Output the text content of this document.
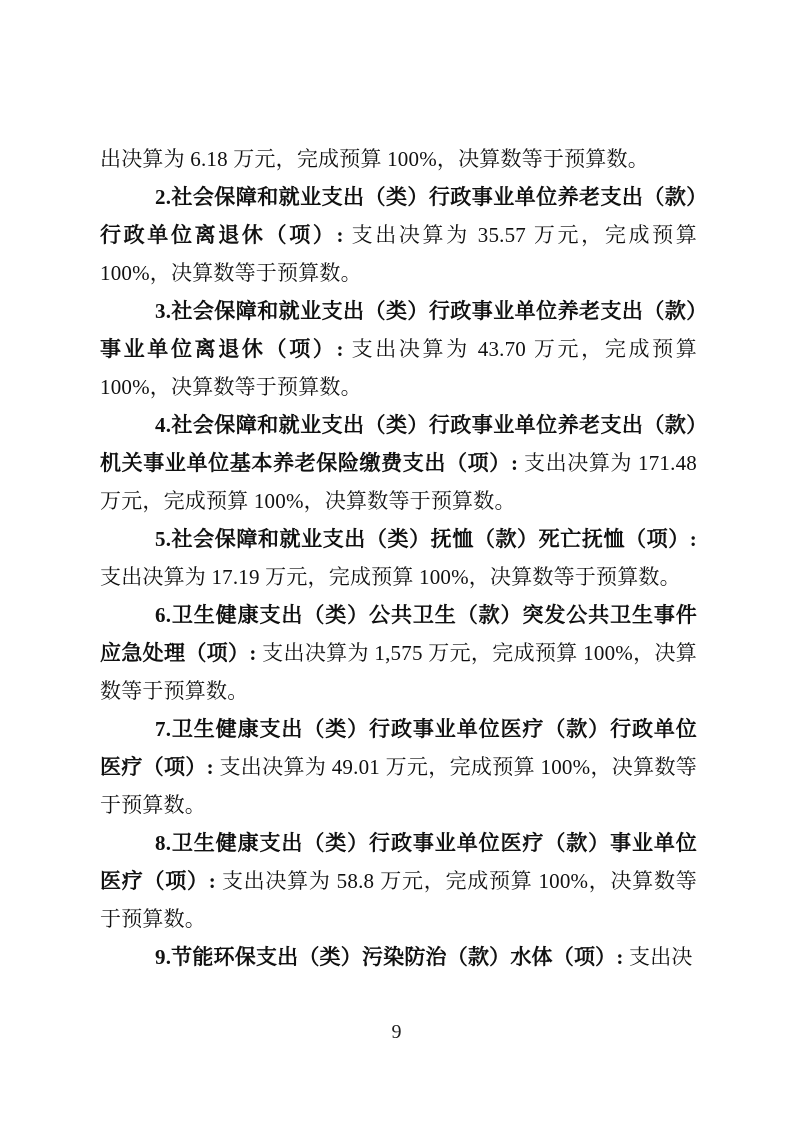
出决算为 6.18 万元，完成预算 100%，决算数等于预算数。

2.社会保障和就业支出（类）行政事业单位养老支出（款）行政单位离退休（项）: 支出决算为 35.57 万元，完成预算 100%，决算数等于预算数。

3.社会保障和就业支出（类）行政事业单位养老支出（款）事业单位离退休（项）: 支出决算为 43.70 万元，完成预算 100%，决算数等于预算数。

4.社会保障和就业支出（类）行政事业单位养老支出（款）机关事业单位基本养老保险缴费支出（项）: 支出决算为 171.48 万元，完成预算 100%，决算数等于预算数。

5.社会保障和就业支出（类）抚恤（款）死亡抚恤（项）: 支出决算为 17.19 万元，完成预算 100%，决算数等于预算数。

6.卫生健康支出（类）公共卫生（款）突发公共卫生事件应急处理（项）: 支出决算为 1,575 万元，完成预算 100%，决算数等于预算数。

7.卫生健康支出（类）行政事业单位医疗（款）行政单位医疗（项）: 支出决算为 49.01 万元，完成预算 100%，决算数等于预算数。

8.卫生健康支出（类）行政事业单位医疗（款）事业单位医疗（项）: 支出决算为 58.8 万元，完成预算 100%，决算数等于预算数。

9.节能环保支出（类）污染防治（款）水体（项）: 支出决

9
